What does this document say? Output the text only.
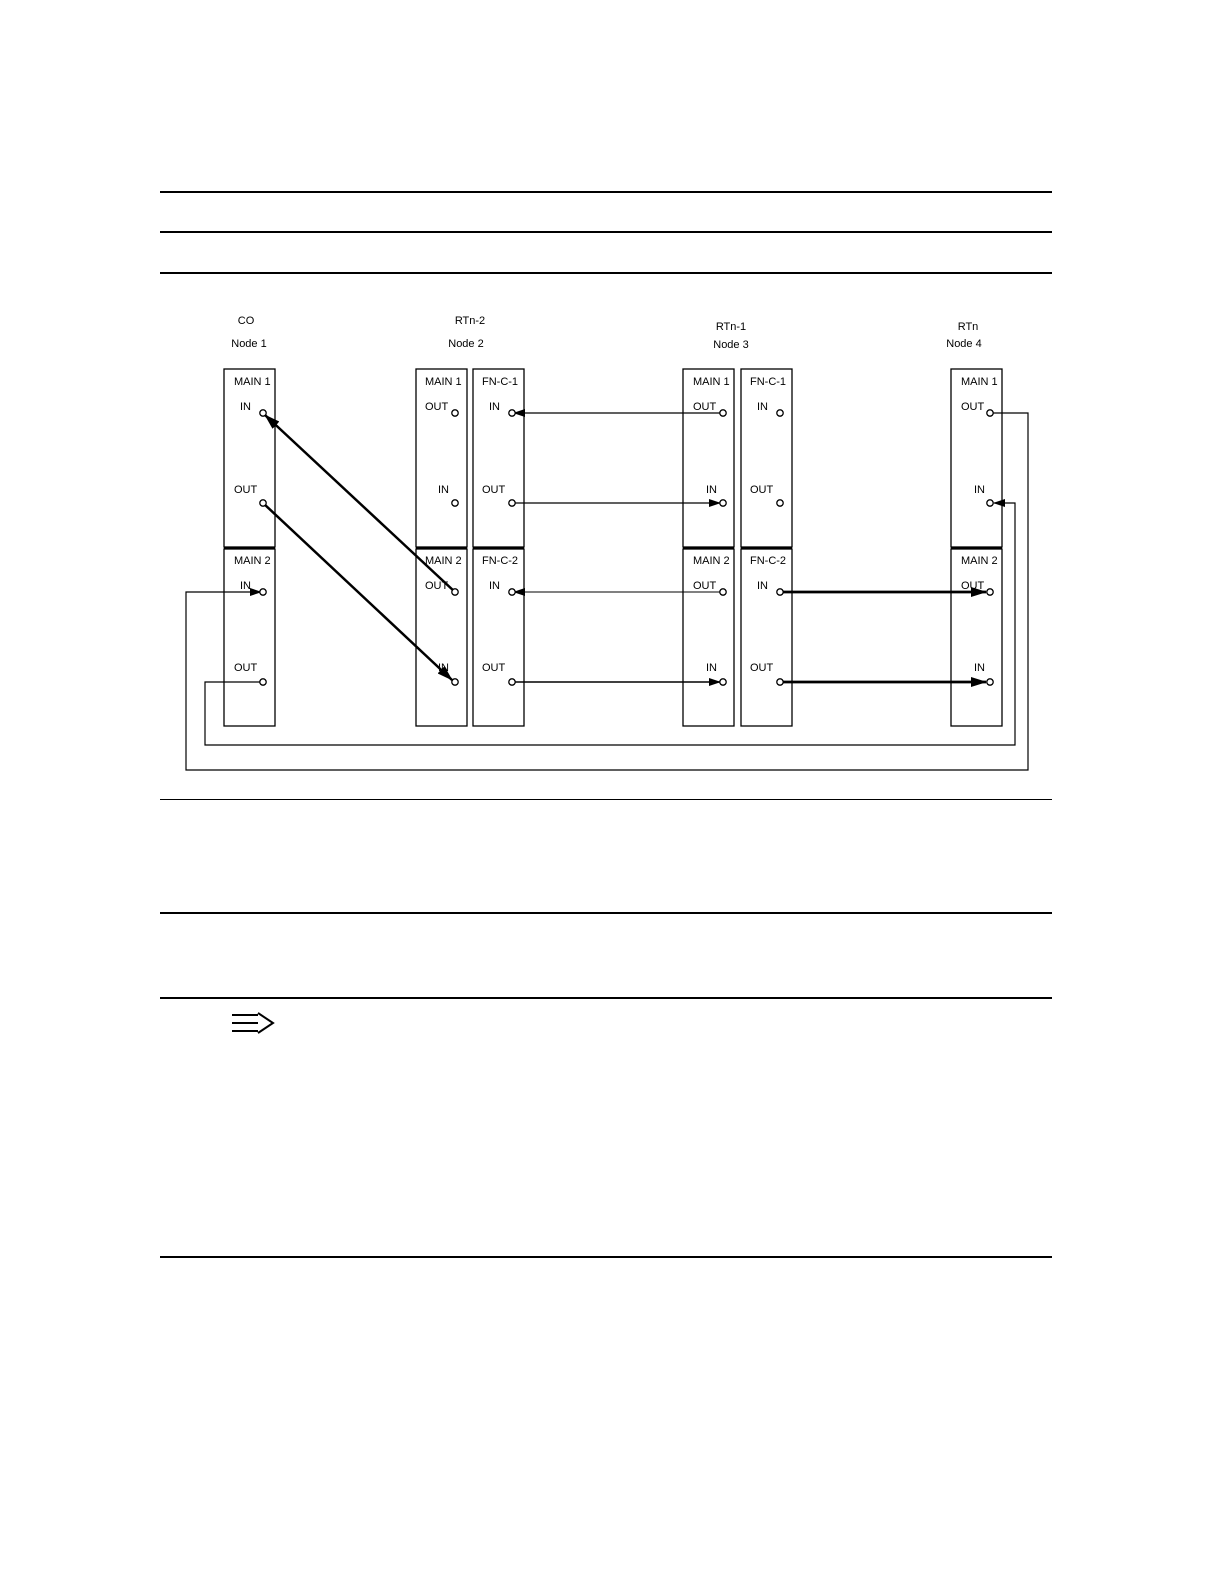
CO
Node 1
RTn-2
Node 2
RTn-1
Node 3
RTn
Node 4
MAIN 1
MAIN 2
MAIN 1
MAIN 2
FN-C-1
FN-C-2
MAIN 1
MAIN 2
FN-C-1
FN-C-2
MAIN 1
MAIN 2
IN
OUT
IN
OUT
OUT
IN
OUT
IN
IN
OUT
IN
OUT
OUT
IN
OUT
IN
IN
OUT
IN
OUT
OUT
IN
OUT
IN
